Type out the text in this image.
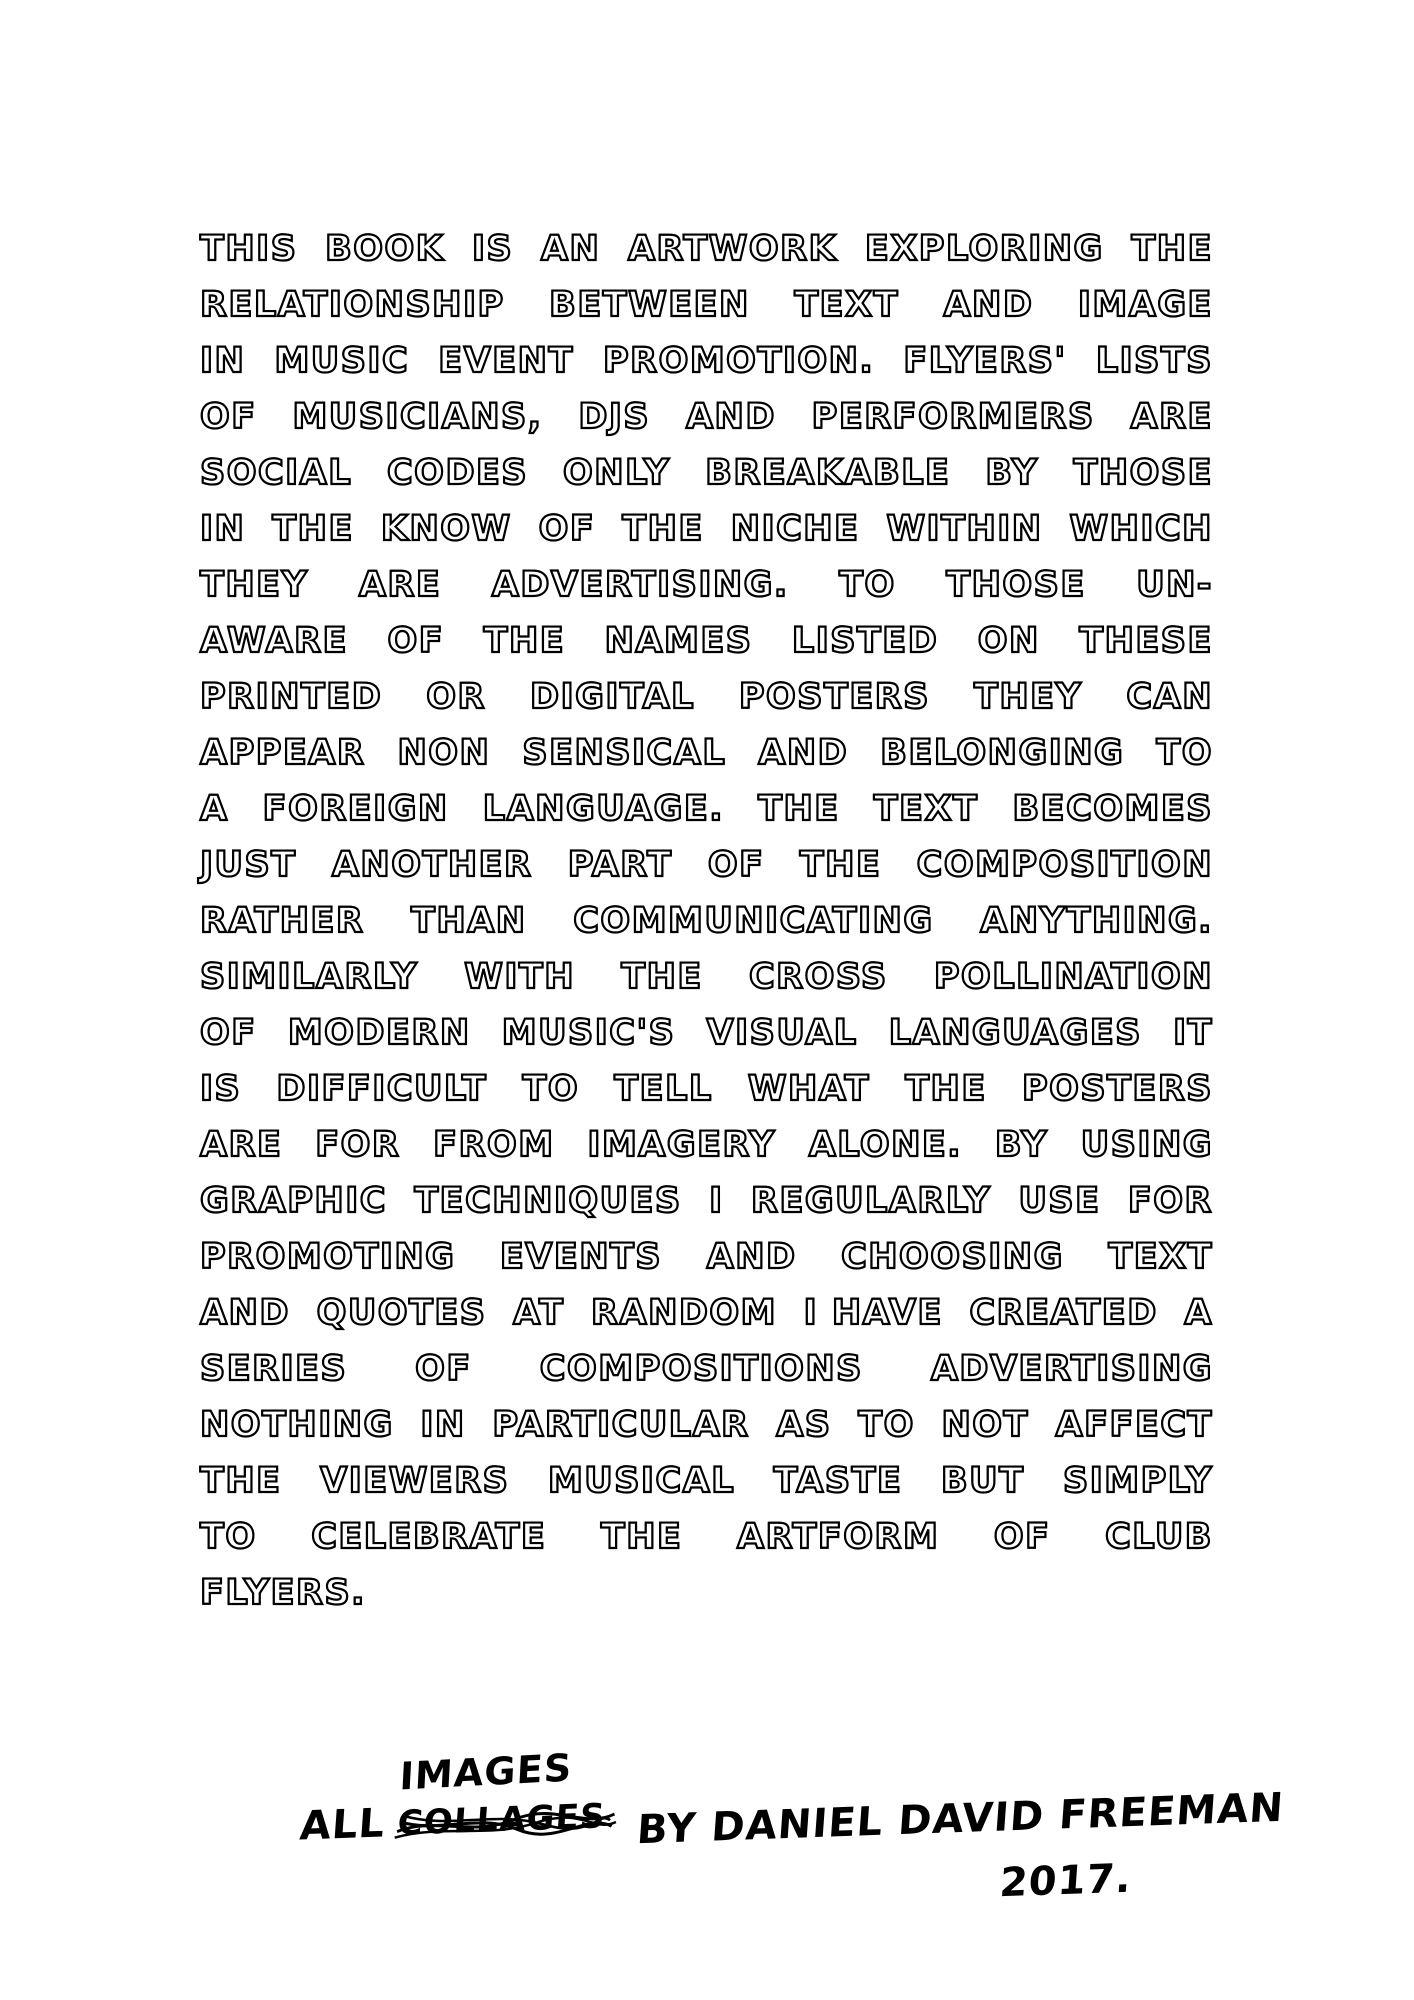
THIS BOOK IS AN ARTWORK EXPLORING THE
RELATIONSHIP BETWEEN TEXT AND IMAGE
IN MUSIC EVENT PROMOTION. FLYERS' LISTS
OF MUSICIANS, DJS AND PERFORMERS ARE
SOCIAL CODES ONLY BREAKABLE BY THOSE
IN THE KNOW OF THE NICHE WITHIN WHICH
THEY ARE ADVERTISING. TO THOSE UN-
AWARE OF THE NAMES LISTED ON THESE
PRINTED OR DIGITAL POSTERS THEY CAN
APPEAR NON SENSICAL AND BELONGING TO
A FOREIGN LANGUAGE. THE TEXT BECOMES
JUST ANOTHER PART OF THE COMPOSITION
RATHER THAN COMMUNICATING ANYTHING.
SIMILARLY WITH THE CROSS POLLINATION
OF MODERN MUSIC'S VISUAL LANGUAGES IT
IS DIFFICULT TO TELL WHAT THE POSTERS
ARE FOR FROM IMAGERY ALONE. BY USING
GRAPHIC TECHNIQUES I REGULARLY USE FOR
PROMOTING EVENTS AND CHOOSING TEXT
AND QUOTES AT RANDOM I HAVE CREATED A
SERIES OF COMPOSITIONS ADVERTISING
NOTHING IN PARTICULAR AS TO NOT AFFECT
THE VIEWERS MUSICAL TASTE BUT SIMPLY
TO CELEBRATE THE ARTFORM OF CLUB
FLYERS.
ALL
IMAGES
COLLAGES BY DANIEL DAVID FREEMAN
2017.
